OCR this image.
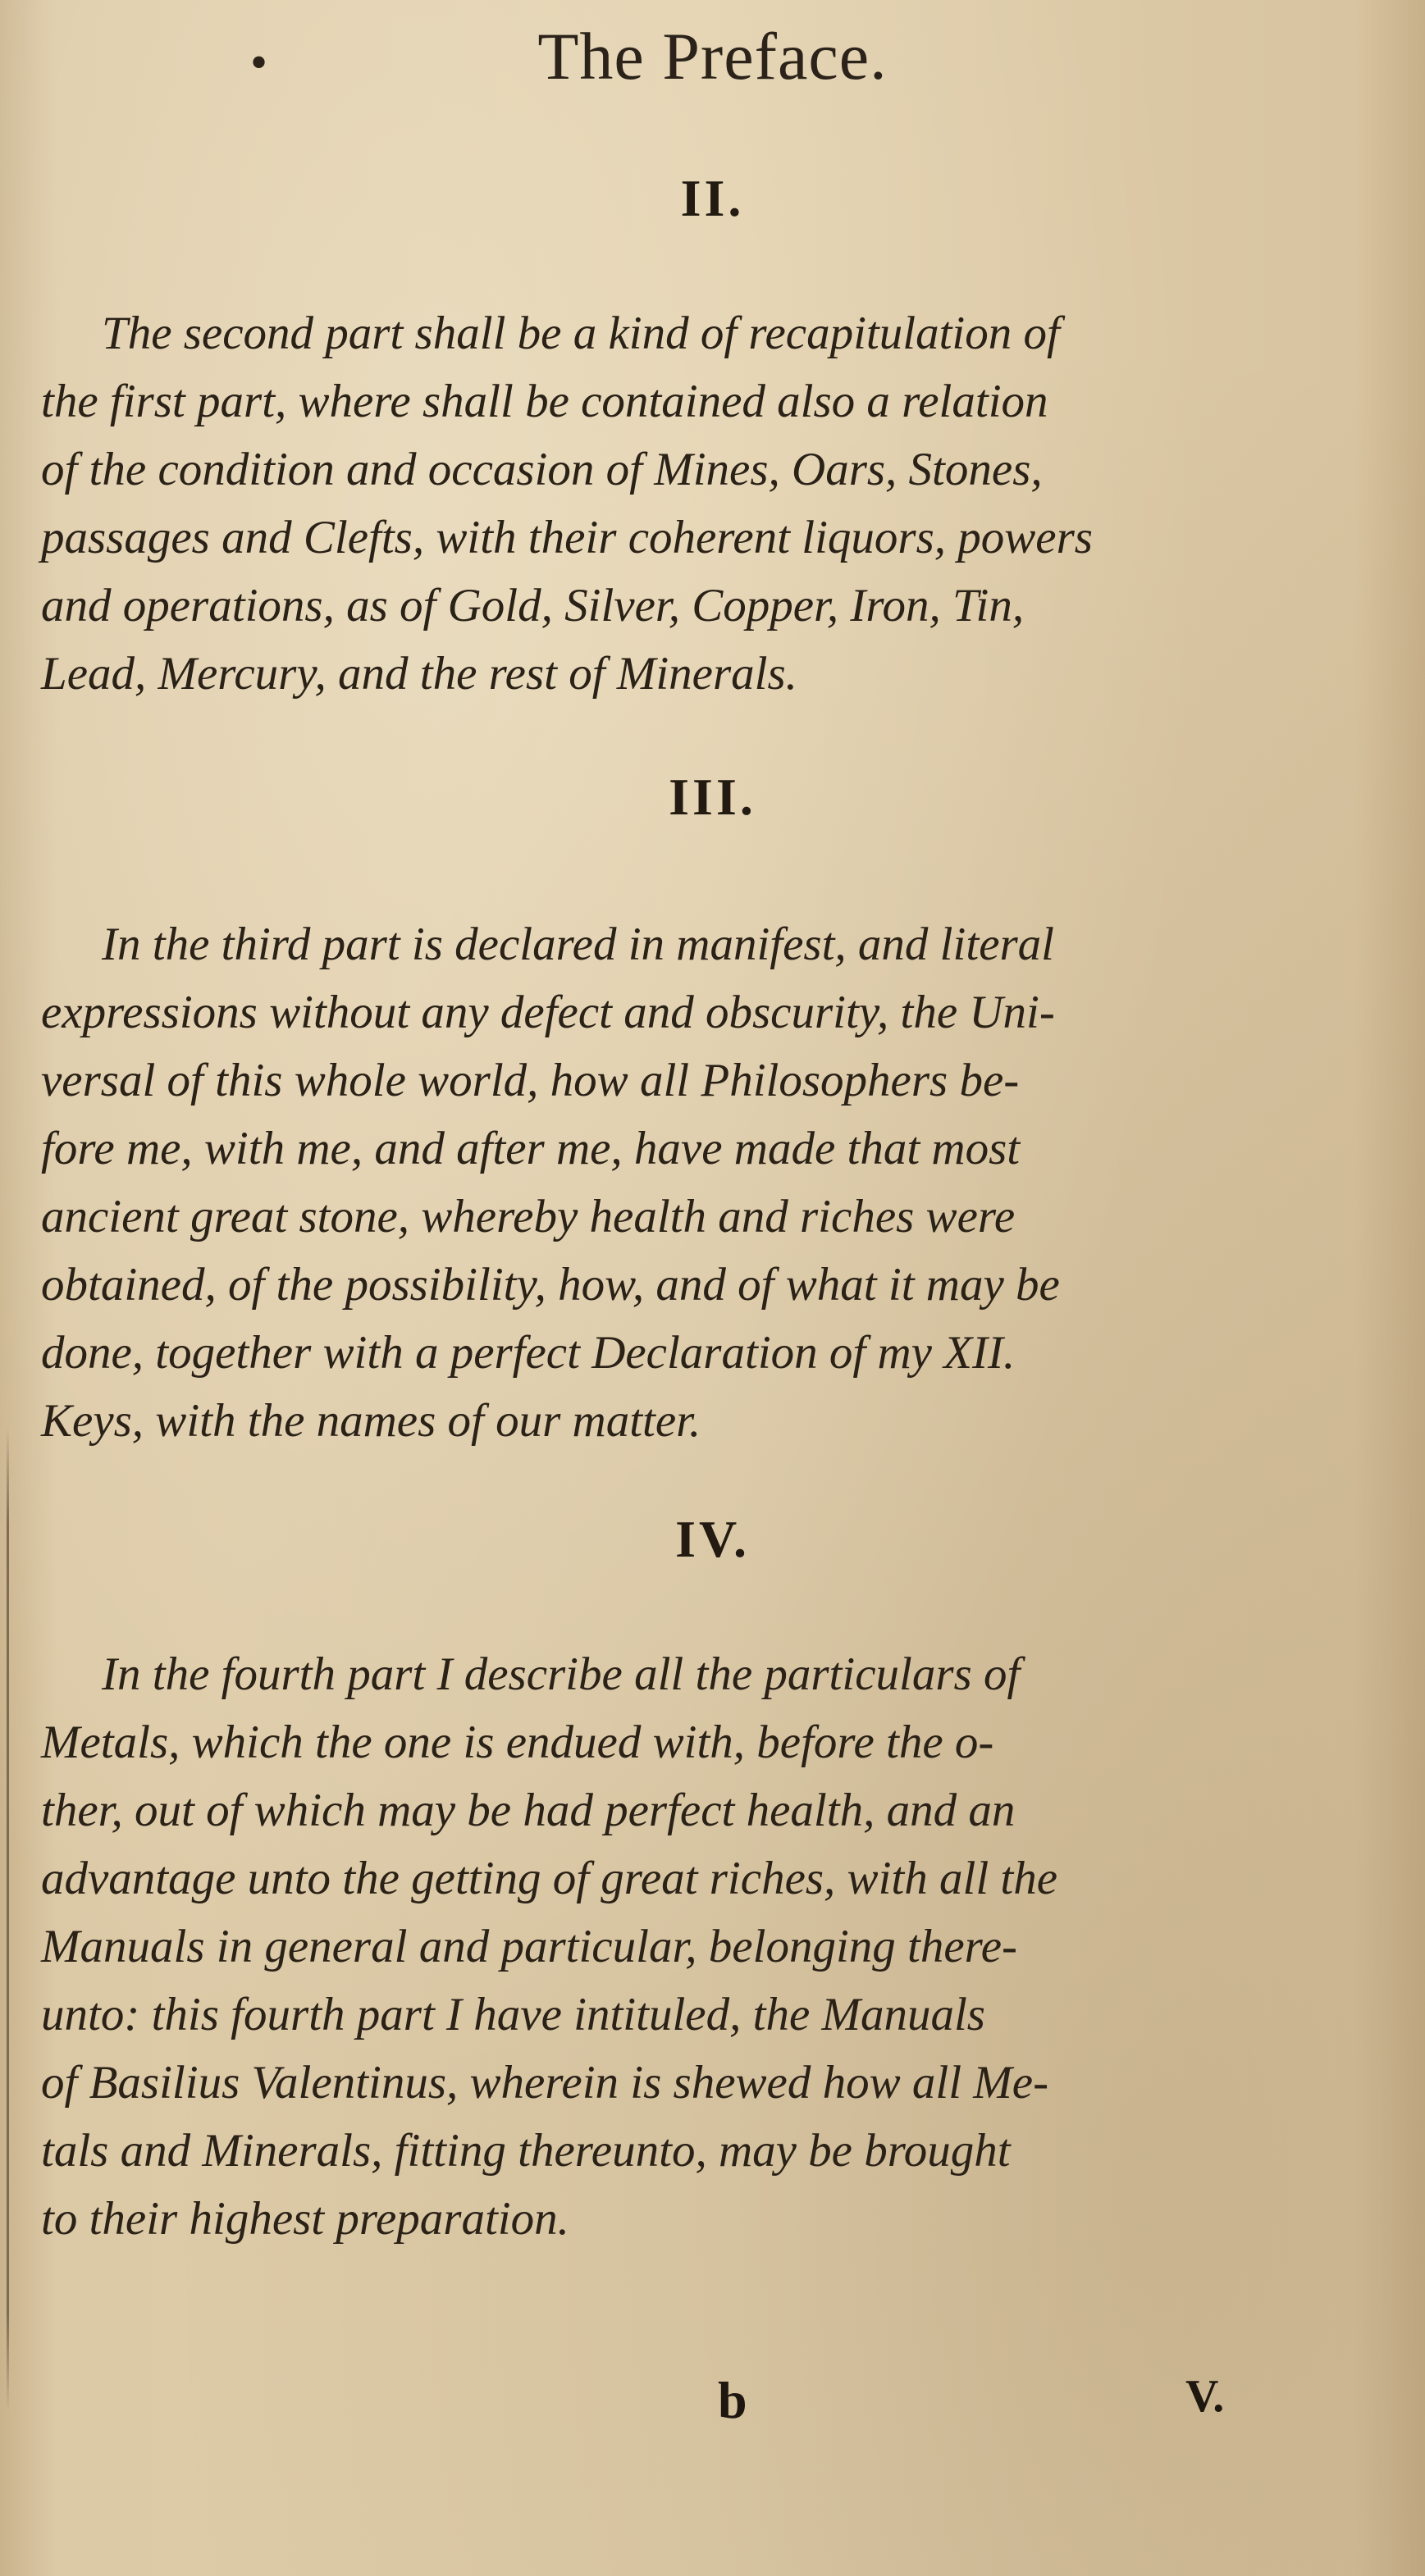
•	The Preface.
II.

The second part shall be a kind of recapitulation of
the first part, where shall be contained also a relation
of the condition and occasion of Mines, Oars, Stones,
passages and Clefts, with their coherent liquors, powers
and operations, as of Gold, Silver, Copper, Iron, Tin,
Lead, Mercury, and the rest of Minerals.

III.

In the third part is declared in manifest, and literal
expressions without any defect and obscurity, the Uni-
versal of this whole world, how all Philosophers be-
fore me, with me, and after me, have made that most
ancient great stone, whereby health and riches were
obtained, of the possibility, how, and of what it may be
done, together with a perfect Declaration of my XII.
Keys, with the names of our matter.

IV.

In the fourth part I describe all the particulars of
Metals, which the one is endued with, before the o-
ther, out of which may be had perfect health, and an
advantage unto the getting of great riches, with all the
Manuals in general and particular, belonging there-
unto: this fourth part I have intituled, the Manuals
of Basilius Valentinus, wherein is shewed how all Me-
tals and Minerals, fitting thereunto, may be brought
to their highest preparation.

b	V.
